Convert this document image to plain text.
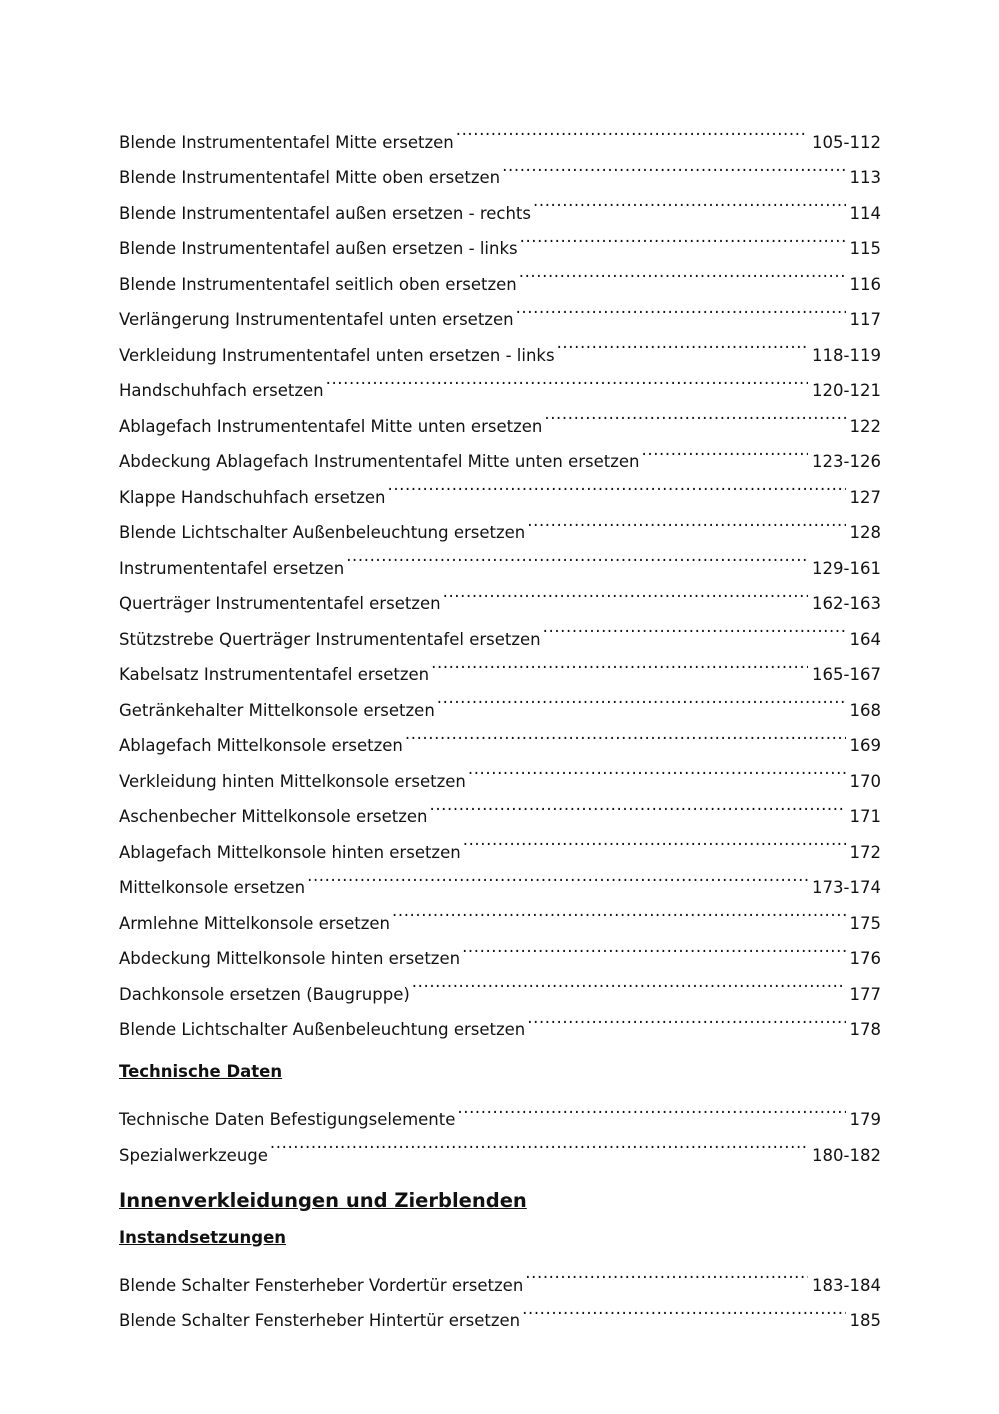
Blende Instrumententafel Mitte ersetzen .....	105-112
Blende Instrumententafel Mitte oben ersetzen .....	113
Blende Instrumententafel außen ersetzen - rechts .....	114
Blende Instrumententafel außen ersetzen - links .....	115
Blende Instrumententafel seitlich oben ersetzen .....	116
Verlängerung Instrumententafel unten ersetzen .....	117
Verkleidung Instrumententafel unten ersetzen - links .....	118-119
Handschuhfach ersetzen .....	120-121
Ablagefach Instrumententafel Mitte unten ersetzen .....	122
Abdeckung Ablagefach Instrumententafel Mitte unten ersetzen .....	123-126
Klappe Handschuhfach ersetzen .....	127
Blende Lichtschalter Außenbeleuchtung ersetzen .....	128
Instrumententafel ersetzen .....	129-161
Querträger Instrumententafel ersetzen .....	162-163
Stützstrebe Querträger Instrumententafel ersetzen .....	164
Kabelsatz Instrumententafel ersetzen .....	165-167
Getränkehalter Mittelkonsole ersetzen .....	168
Ablagefach Mittelkonsole ersetzen .....	169
Verkleidung hinten Mittelkonsole ersetzen .....	170
Aschenbecher Mittelkonsole ersetzen .....	171
Ablagefach Mittelkonsole hinten ersetzen .....	172
Mittelkonsole ersetzen .....	173-174
Armlehne Mittelkonsole ersetzen .....	175
Abdeckung Mittelkonsole hinten ersetzen .....	176
Dachkonsole ersetzen (Baugruppe) .....	177
Blende Lichtschalter Außenbeleuchtung ersetzen .....	178
Technische Daten
Technische Daten Befestigungselemente .....	179
Spezialwerkzeuge .....	180-182
Innenverkleidungen und Zierblenden
Instandsetzungen
Blende Schalter Fensterheber Vordertür ersetzen .....	183-184
Blende Schalter Fensterheber Hintertür ersetzen .....	185
